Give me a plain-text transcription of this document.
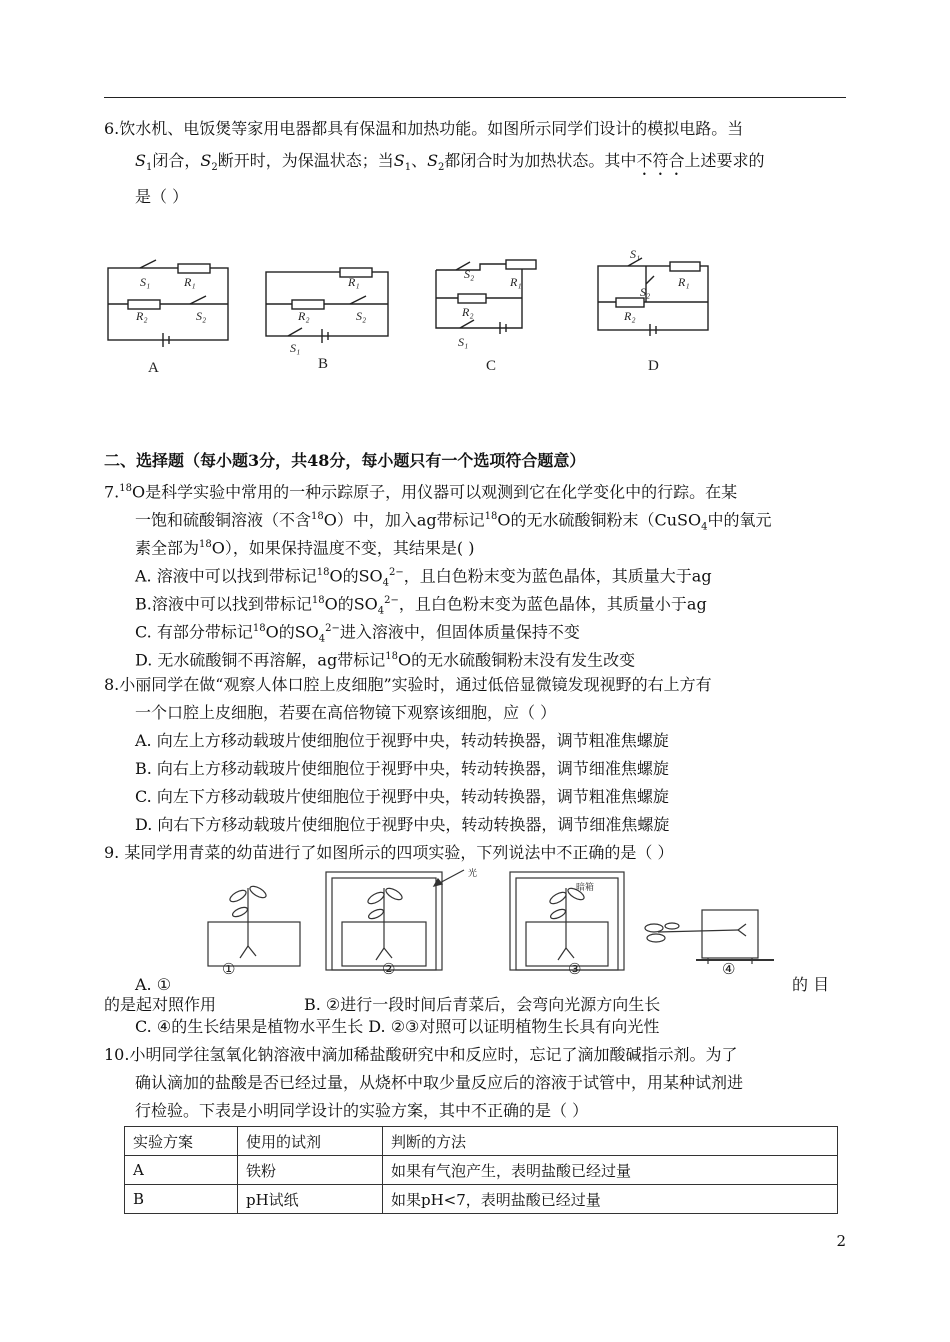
6.饮水机、电饭煲等家用电器都具有保温和加热功能。如图所示同学们设计的模拟电路。当
$S_1$闭合，$S_2$断开时，为保温状态；当$S_1$、$S_2$都闭合时为加热状态。其中不符合上述要求的
是（ ）
S₁	R₁
R₂	S₂
R₁
R₂	S₂
S₁
S₂
R₁
R₂
S₁
S₁
S₂
R₁
R₂
A	B	C	D
二、选择题（每小题3分，共48分，每小题只有一个选项符合题意）
7.18O是科学实验中常用的一种示踪原子，用仪器可以观测到它在化学变化中的行踪。在某
一饱和硫酸铜溶液（不含$^{18}$O）中，加入ag带标记$^{18}$O的无水硫酸铜粉末（CuSO$_4$中的氧元
素全部为$^{18}$O），如果保持温度不变，其结果是( )
A. 溶液中可以找到带标记$^{18}$O的$SO_4^{2-}$，且白色粉末变为蓝色晶体，其质量大于ag
B.溶液中可以找到带标记$^{18}$O的$SO_4^{2-}$，且白色粉末变为蓝色晶体，其质量小于ag
C. 有部分带标记$^{18}$O的$SO_4^{2-}$进入溶液中，但固体质量保持不变
D. 无水硫酸铜不再溶解，ag带标记$^{18}$O的无水硫酸铜粉末没有发生改变
8.小丽同学在做“观察人体口腔上皮细胞”实验时，通过低倍显微镜发现视野的右上方有
一个口腔上皮细胞，若要在高倍物镜下观察该细胞，应（ ）
A. 向左上方移动载玻片使细胞位于视野中央，转动转换器，调节粗准焦螺旋
B. 向右上方移动载玻片使细胞位于视野中央，转动转换器，调节细准焦螺旋
C. 向左下方移动载玻片使细胞位于视野中央，转动转换器，调节粗准焦螺旋
D. 向右下方移动载玻片使细胞位于视野中央，转动转换器，调节细准焦螺旋
9. 某同学用青菜的幼苗进行了如图所示的四项实验，下列说法中不正确的是（ ）
光
暗箱
①	②	③	④
A. ①	的 目
的是起对照作用	B. ②进行一段时间后青菜后，会弯向光源方向生长
C. ④的生长结果是植物水平生长 D. ②③对照可以证明植物生长具有向光性
10.小明同学往氢氧化钠溶液中滴加稀盐酸研究中和反应时，忘记了滴加酸碱指示剂。为了
确认滴加的盐酸是否已经过量，从烧杯中取少量反应后的溶液于试管中，用某种试剂进
行检验。下表是小明同学设计的实验方案，其中不正确的是（ ）
实验方案	使用的试剂	判断的方法
A	铁粉	如果有气泡产生，表明盐酸已经过量
B	pH试纸	如果pH<7，表明盐酸已经过量
2
